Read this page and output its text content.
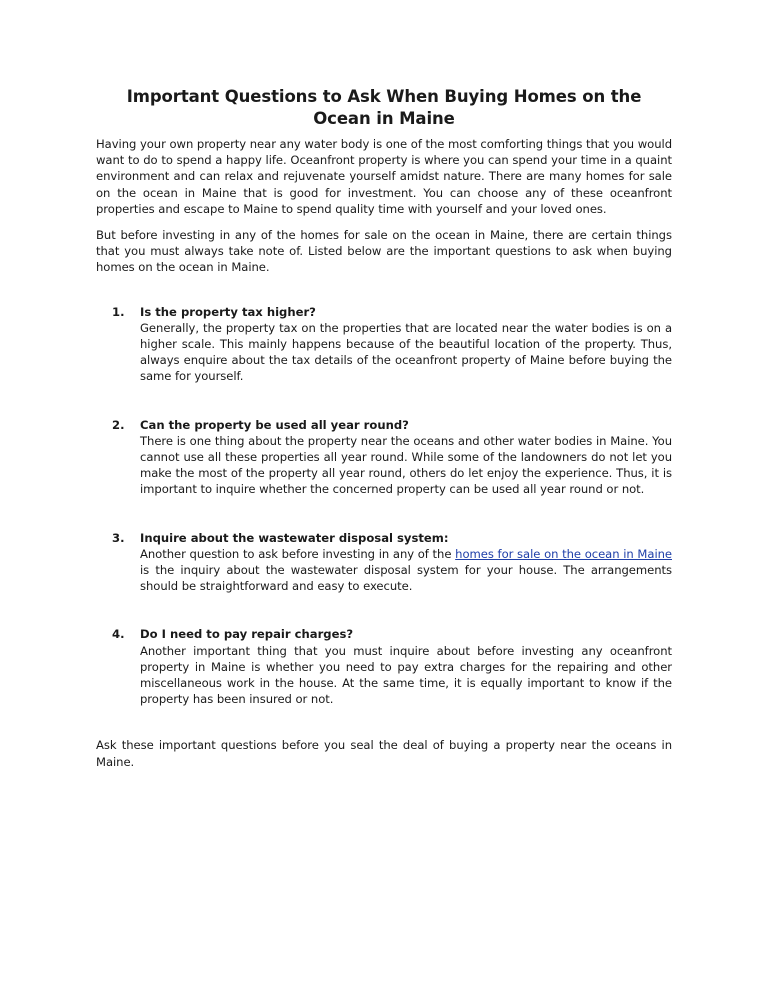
Important Questions to Ask When Buying Homes on the
Ocean in Maine

Having your own property near any water body is one of the most comforting things that you would want to do to spend a happy life. Oceanfront property is where you can spend your time in a quaint environment and can relax and rejuvenate yourself amidst nature. There are many homes for sale on the ocean in Maine that is good for investment. You can choose any of these oceanfront properties and escape to Maine to spend quality time with yourself and your loved ones.

But before investing in any of the homes for sale on the ocean in Maine, there are certain things that you must always take note of. Listed below are the important questions to ask when buying homes on the ocean in Maine.

1.	Is the property tax higher?
Generally, the property tax on the properties that are located near the water bodies is on a higher scale. This mainly happens because of the beautiful location of the property. Thus, always enquire about the tax details of the oceanfront property of Maine before buying the same for yourself.
2.	Can the property be used all year round?
There is one thing about the property near the oceans and other water bodies in Maine. You cannot use all these properties all year round. While some of the landowners do not let you make the most of the property all year round, others do let enjoy the experience. Thus, it is important to inquire whether the concerned property can be used all year round or not.
3.	Inquire about the wastewater disposal system:
Another question to ask before investing in any of the homes for sale on the ocean in Maine is the inquiry about the wastewater disposal system for your house. The arrangements should be straightforward and easy to execute.
4.	Do I need to pay repair charges?
Another important thing that you must inquire about before investing any oceanfront property in Maine is whether you need to pay extra charges for the repairing and other miscellaneous work in the house. At the same time, it is equally important to know if the property has been insured or not.

Ask these important questions before you seal the deal of buying a property near the oceans in Maine.
